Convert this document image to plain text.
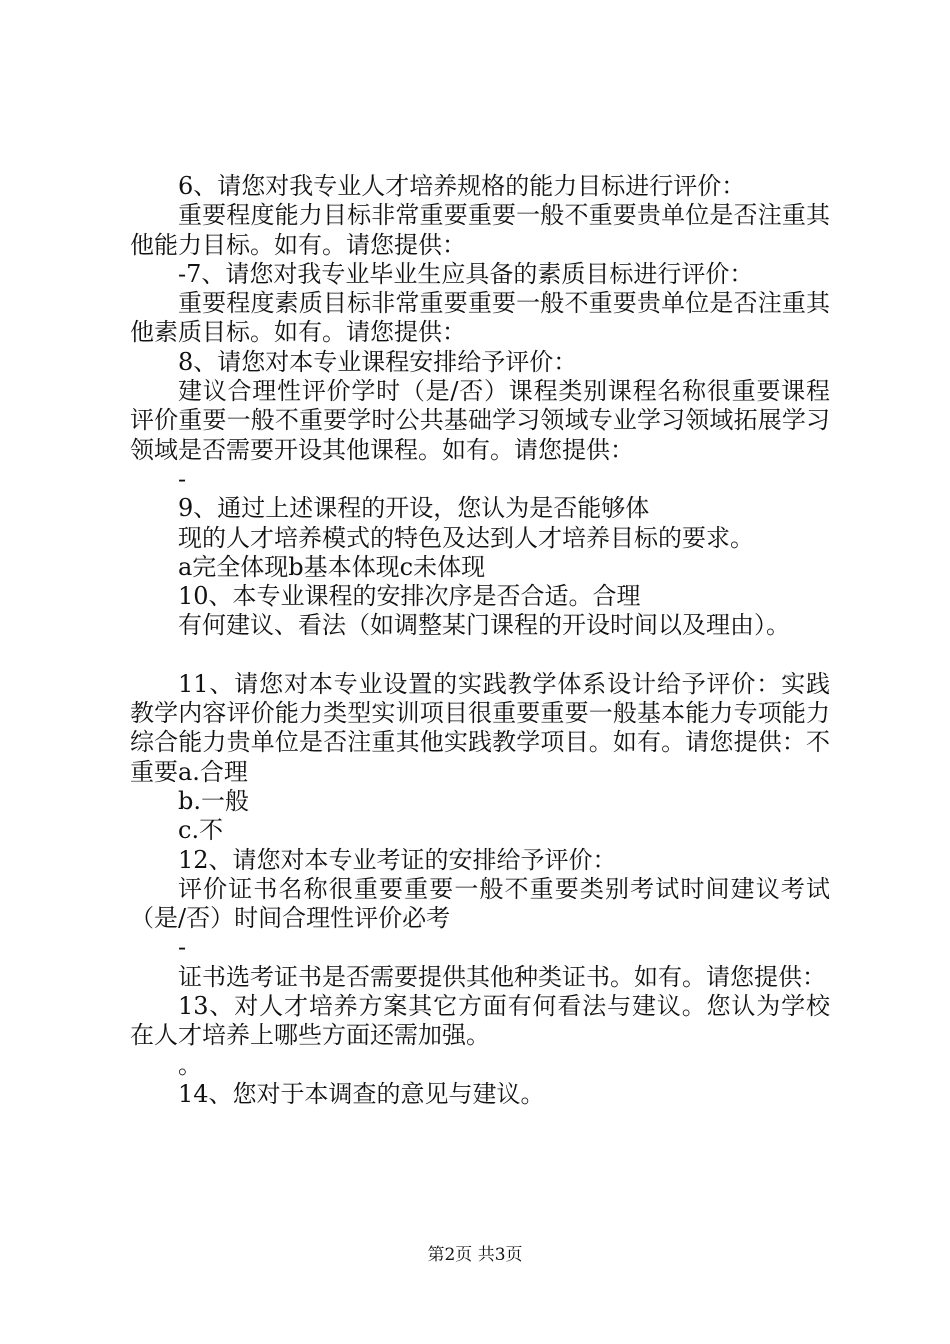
6、请您对我专业人才培养规格的能力目标进行评价：

重要程度能力目标非常重要重要一般不重要贵单位是否注重其他能力目标。如有。请您提供：

-7、请您对我专业毕业生应具备的素质目标进行评价：

重要程度素质目标非常重要重要一般不重要贵单位是否注重其他素质目标。如有。请您提供：

8、请您对本专业课程安排给予评价：

建议合理性评价学时（是/否）课程类别课程名称很重要课程评价重要一般不重要学时公共基础学习领域专业学习领域拓展学习领域是否需要开设其他课程。如有。请您提供：

-

9、通过上述课程的开设，您认为是否能够体

现的人才培养模式的特色及达到人才培养目标的要求。

a完全体现b基本体现c未体现

10、本专业课程的安排次序是否合适。合理

有何建议、看法（如调整某门课程的开设时间以及理由）。

11、请您对本专业设置的实践教学体系设计给予评价：实践教学内容评价能力类型实训项目很重要重要一般基本能力专项能力综合能力贵单位是否注重其他实践教学项目。如有。请您提供：不重要a.合理

b.一般

c.不

12、请您对本专业考证的安排给予评价：

评价证书名称很重要重要一般不重要类别考试时间建议考试（是/否）时间合理性评价必考

-

证书选考证书是否需要提供其他种类证书。如有。请您提供：

13、对人才培养方案其它方面有何看法与建议。您认为学校在人才培养上哪些方面还需加强。

。

14、您对于本调查的意见与建议。

第2页 共3页
